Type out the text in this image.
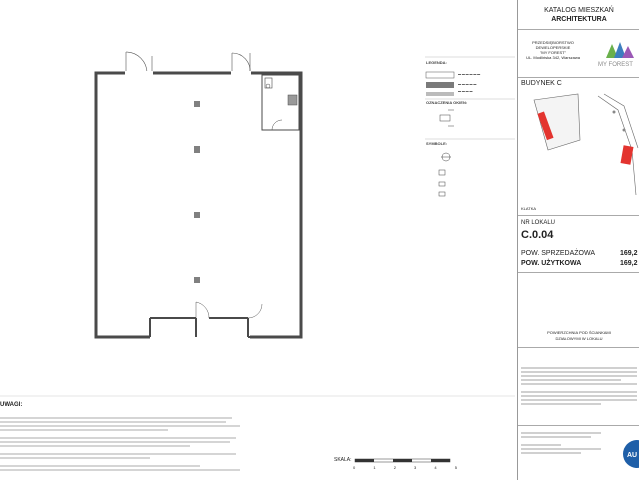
LEGENDA:
▬ ▬ ▬ ▬ ▬ ▬
▬ ▬ ▬ ▬ ▬
▬ ▬ ▬ ▬
OZNACZENIA OKIEN:
SYMBOLE:
UWAGI:
SKALA:
0	1	2	3	4	5
KATALOG MIESZKAŃ
ARCHITEKTURA
PRZEDSIĘBIORSTWO
DEWELOPERSKIE
"MY FOREST"
UL. Modlińska 342, Warszawa
MY FOREST
BUDYNEK C
KLATKA
NR LOKALU
C.0.04
POW. SPRZEDAŻOWA	169,2
POW. UŻYTKOWA	169,2
POWIERZCHNIA POD ŚCIANKAMI
DZIAŁOWYMI W LOKALU
AU
